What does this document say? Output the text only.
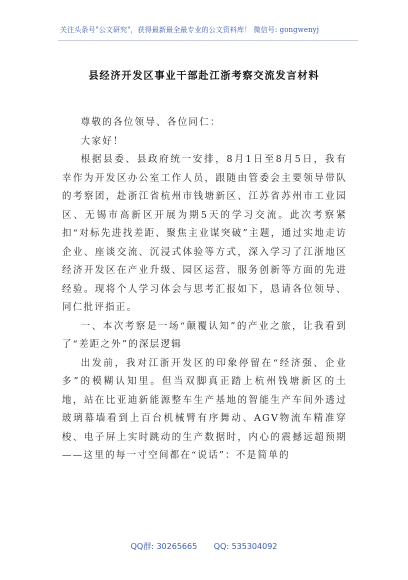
关注头条号"公文研究"，获得最新最全最专业的公文资料库！ 微信号: gongwenyj
县经济开发区事业干部赴江浙考察交流发言材料

尊敬的各位领导、各位同仁：

大家好！

根据县委、县政府统一安排，8月1日至8月5日，我有幸作为开发区办公室工作人员，跟随由管委会主要领导带队的考察团，赴浙江省杭州市钱塘新区、江苏省苏州市工业园区、无锡市高新区开展为期5天的学习交流。此次考察紧扣“对标先进找差距、聚焦主业谋突破”主题，通过实地走访企业、座谈交流、沉浸式体验等方式，深入学习了江浙地区经济开发区在产业升级、园区运营、服务创新等方面的先进经验。现将个人学习体会与思考汇报如下，恳请各位领导、同仁批评指正。

一、本次考察是一场“颠覆认知”的产业之旅，让我看到了“差距之外”的深层逻辑

出发前，我对江浙开发区的印象停留在“经济强、企业多”的模糊认知里。但当双脚真正踏上杭州钱塘新区的土地，站在比亚迪新能源整车生产基地的智能生产车间外透过玻璃幕墙看到上百台机械臂有序舞动、AGV物流车精准穿梭、电子屏上实时跳动的生产数据时，内心的震撼远超预期——这里的每一寸空间都在“说话”：不是简单的

QQ群: 30265665 QQ: 535304092
